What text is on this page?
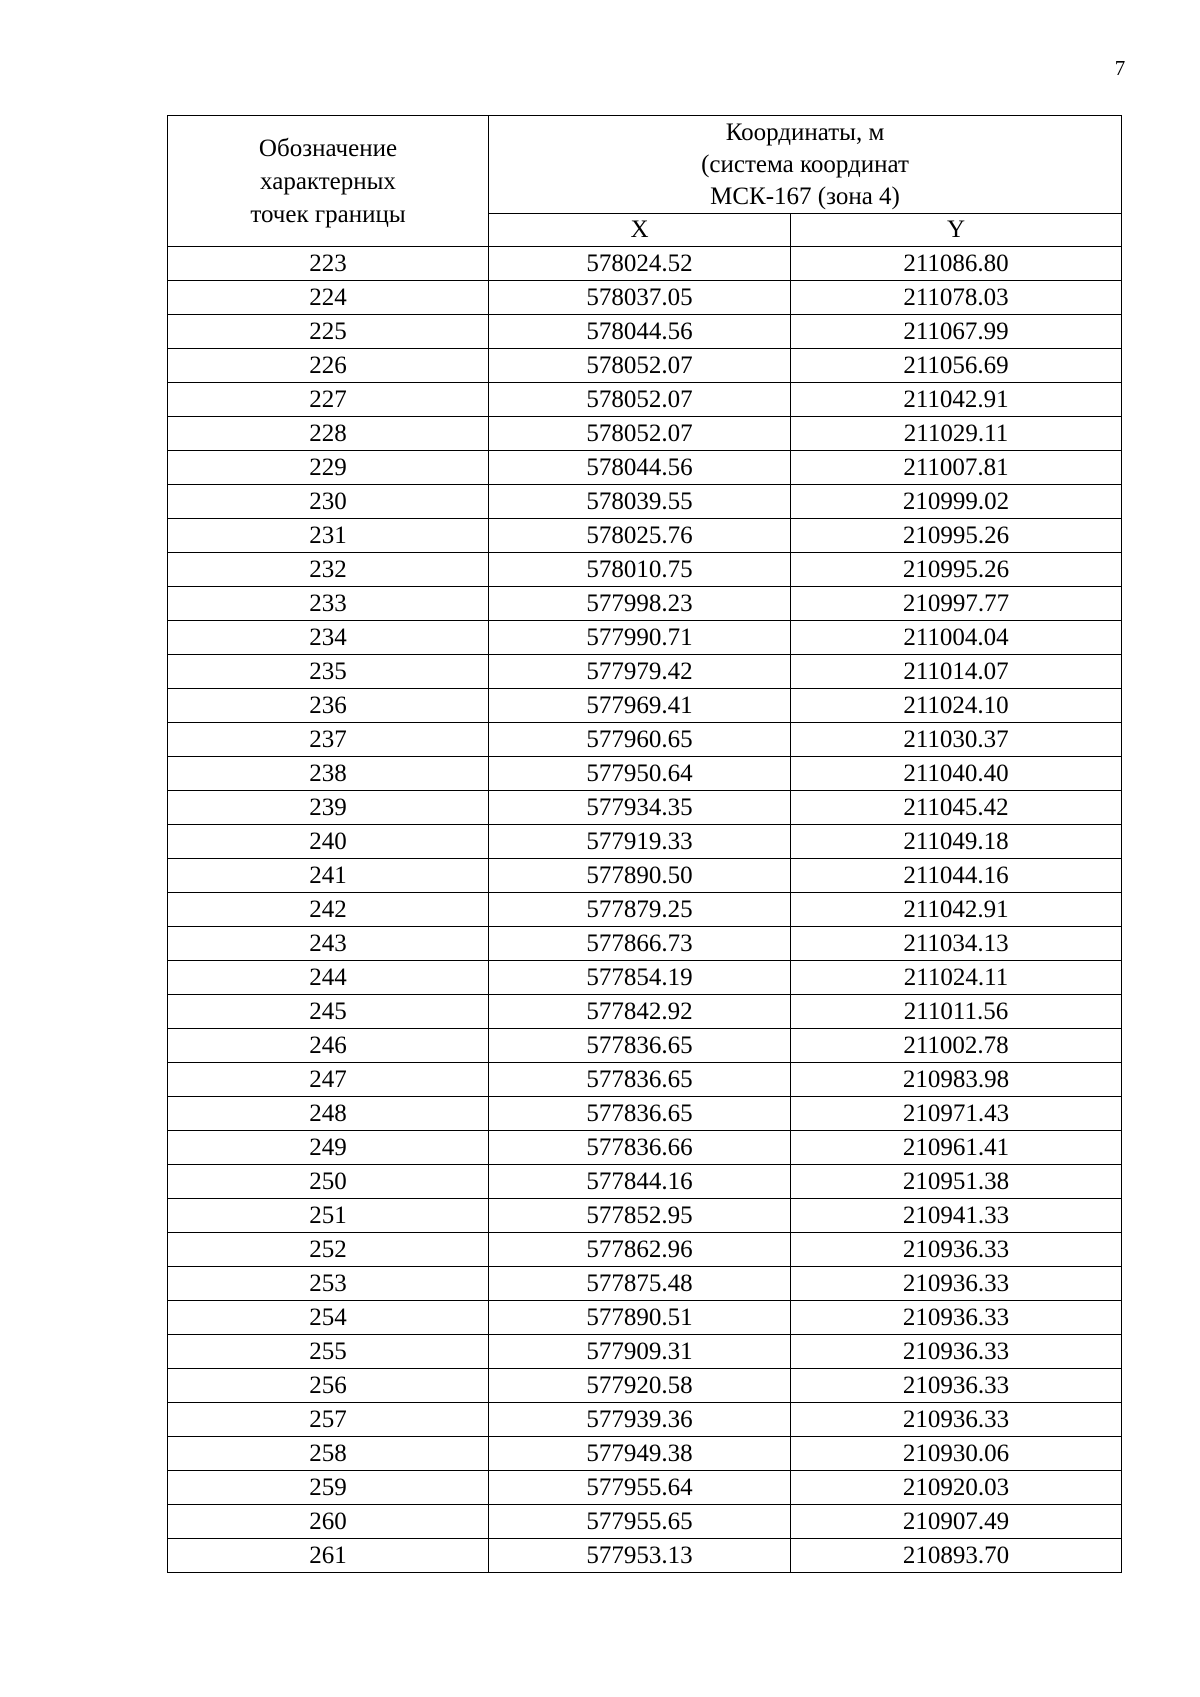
7
Обозначение
характерных
точек границы	Координаты, м
(система координат
МСК-167 (зона 4)	

	X	Y
223	578024.52	211086.80
224	578037.05	211078.03
225	578044.56	211067.99
226	578052.07	211056.69
227	578052.07	211042.91
228	578052.07	211029.11
229	578044.56	211007.81
230	578039.55	210999.02
231	578025.76	210995.26
232	578010.75	210995.26
233	577998.23	210997.77
234	577990.71	211004.04
235	577979.42	211014.07
236	577969.41	211024.10
237	577960.65	211030.37
238	577950.64	211040.40
239	577934.35	211045.42
240	577919.33	211049.18
241	577890.50	211044.16
242	577879.25	211042.91
243	577866.73	211034.13
244	577854.19	211024.11
245	577842.92	211011.56
246	577836.65	211002.78
247	577836.65	210983.98
248	577836.65	210971.43
249	577836.66	210961.41
250	577844.16	210951.38
251	577852.95	210941.33
252	577862.96	210936.33
253	577875.48	210936.33
254	577890.51	210936.33
255	577909.31	210936.33
256	577920.58	210936.33
257	577939.36	210936.33
258	577949.38	210930.06
259	577955.64	210920.03
260	577955.65	210907.49
261	577953.13	210893.70
